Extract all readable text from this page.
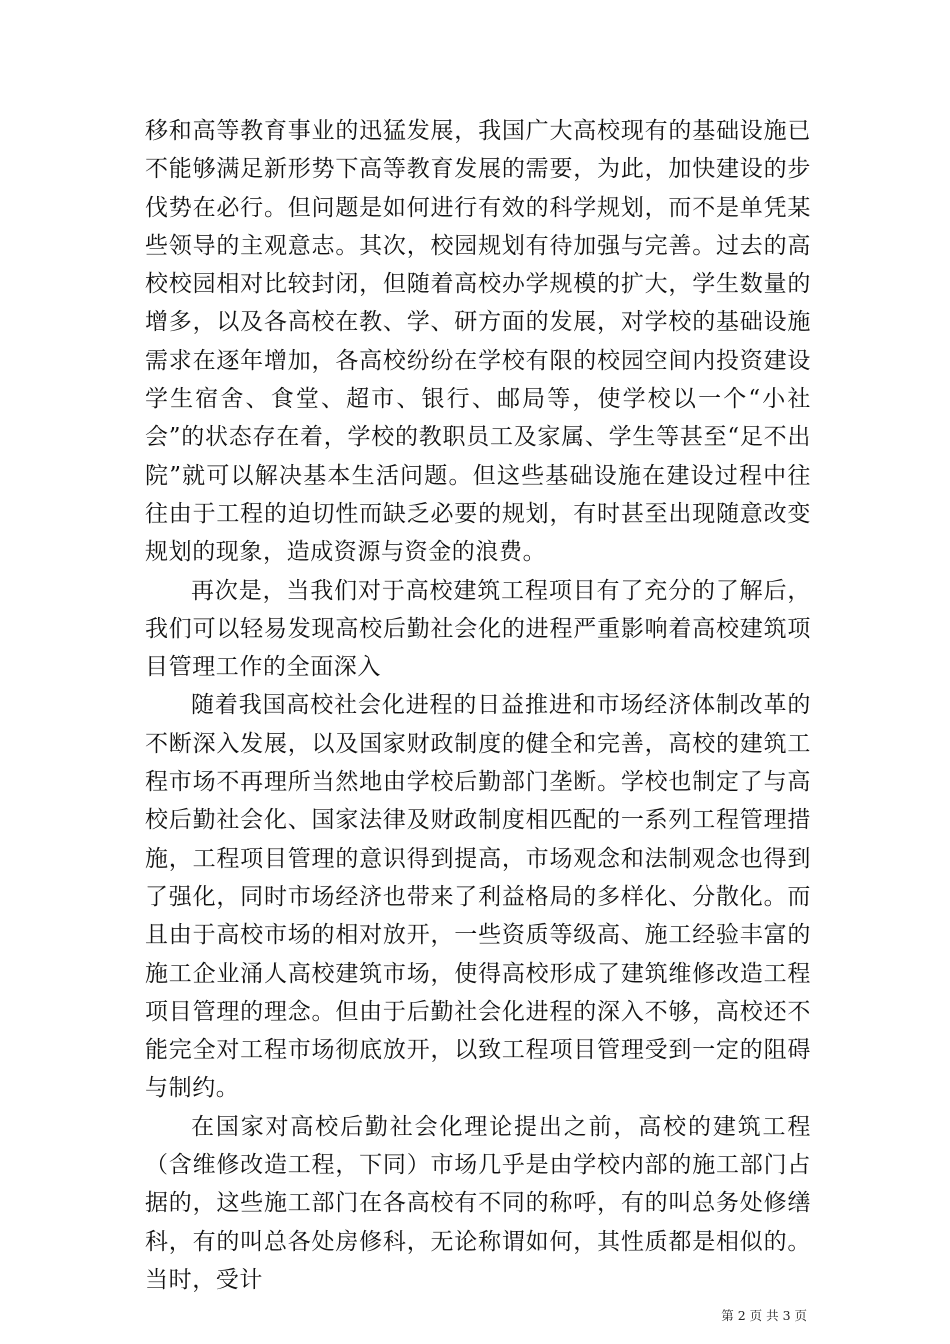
移和高等教育事业的迅猛发展，我国广大高校现有的基础设施已不能够满足新形势下高等教育发展的需要，为此，加快建设的步伐势在必行。但问题是如何进行有效的科学规划，而不是单凭某些领导的主观意志。其次，校园规划有待加强与完善。过去的高校校园相对比较封闭，但随着高校办学规模的扩大，学生数量的增多，以及各高校在教、学、研方面的发展，对学校的基础设施需求在逐年增加，各高校纷纷在学校有限的校园空间内投资建设学生宿舍、食堂、超市、银行、邮局等，使学校以一个“小社会”的状态存在着，学校的教职员工及家属、学生等甚至“足不出院”就可以解决基本生活问题。但这些基础设施在建设过程中往往由于工程的迫切性而缺乏必要的规划，有时甚至出现随意改变规划的现象，造成资源与资金的浪费。

再次是，当我们对于高校建筑工程项目有了充分的了解后，我们可以轻易发现高校后勤社会化的进程严重影响着高校建筑项目管理工作的全面深入

随着我国高校社会化进程的日益推进和市场经济体制改革的不断深入发展，以及国家财政制度的健全和完善，高校的建筑工程市场不再理所当然地由学校后勤部门垄断。学校也制定了与高校后勤社会化、国家法律及财政制度相匹配的一系列工程管理措施，工程项目管理的意识得到提高，市场观念和法制观念也得到了强化，同时市场经济也带来了利益格局的多样化、分散化。而且由于高校市场的相对放开，一些资质等级高、施工经验丰富的施工企业涌人高校建筑市场，使得高校形成了建筑维修改造工程项目管理的理念。但由于后勤社会化进程的深入不够，高校还不能完全对工程市场彻底放开，以致工程项目管理受到一定的阻碍与制约。

在国家对高校后勤社会化理论提出之前，高校的建筑工程（含维修改造工程，下同）市场几乎是由学校内部的施工部门占据的，这些施工部门在各高校有不同的称呼，有的叫总务处修缮科，有的叫总各处房修科，无论称谓如何，其性质都是相似的。当时，受计

第 2 页 共 3 页
